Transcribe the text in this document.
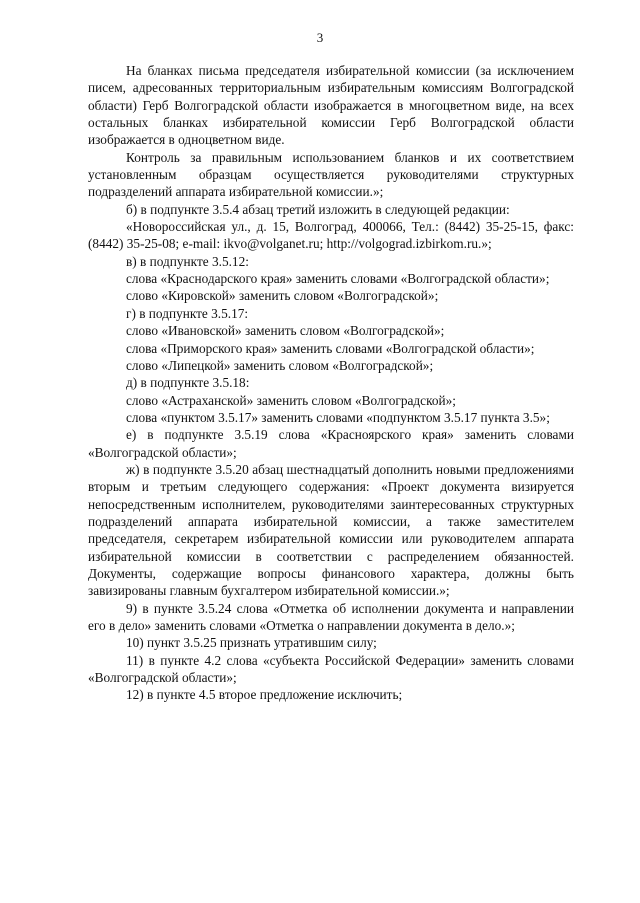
3

На бланках письма председателя избирательной комиссии (за исключением писем, адресованных территориальным избирательным комиссиям Волгоградской области) Герб Волгоградской области изображается в многоцветном виде, на всех остальных бланках избирательной комиссии Герб Волгоградской области изображается в одноцветном виде.

Контроль за правильным использованием бланков и их соответствием установленным образцам осуществляется руководителями структурных подразделений аппарата избирательной комиссии.»;

б) в подпункте 3.5.4 абзац третий изложить в следующей редакции:

«Новороссийская ул., д. 15, Волгоград, 400066, Тел.: (8442) 35-25-15, факс: (8442) 35-25-08; e-mail: ikvo@volganet.ru; http://volgograd.izbirkom.ru.»;

в) в подпункте 3.5.12:

слова «Краснодарского края» заменить словами «Волгоградской области»;

слово «Кировской» заменить словом «Волгоградской»;

г) в подпункте 3.5.17:

слово «Ивановской» заменить словом «Волгоградской»;

слова «Приморского края» заменить словами «Волгоградской области»;

слово «Липецкой» заменить словом «Волгоградской»;

д) в подпункте 3.5.18:

слово «Астраханской» заменить словом «Волгоградской»;

слова «пунктом 3.5.17» заменить словами «подпунктом 3.5.17 пункта 3.5»;

е) в подпункте 3.5.19 слова «Красноярского края» заменить словами «Волгоградской области»;

ж) в подпункте 3.5.20 абзац шестнадцатый дополнить новыми предложениями вторым и третьим следующего содержания: «Проект документа визируется непосредственным исполнителем, руководителями заинтересованных структурных подразделений аппарата избирательной комиссии, а также заместителем председателя, секретарем избирательной комиссии или руководителем аппарата избирательной комиссии в соответствии с распределением обязанностей. Документы, содержащие вопросы финансового характера, должны быть завизированы главным бухгалтером избирательной комиссии.»;

9) в пункте 3.5.24 слова «Отметка об исполнении документа и направлении его в дело» заменить словами «Отметка о направлении документа в дело.»;

10) пункт 3.5.25 признать утратившим силу;

11) в пункте 4.2 слова «субъекта Российской Федерации» заменить словами «Волгоградской области»;

12) в пункте 4.5 второе предложение исключить;
